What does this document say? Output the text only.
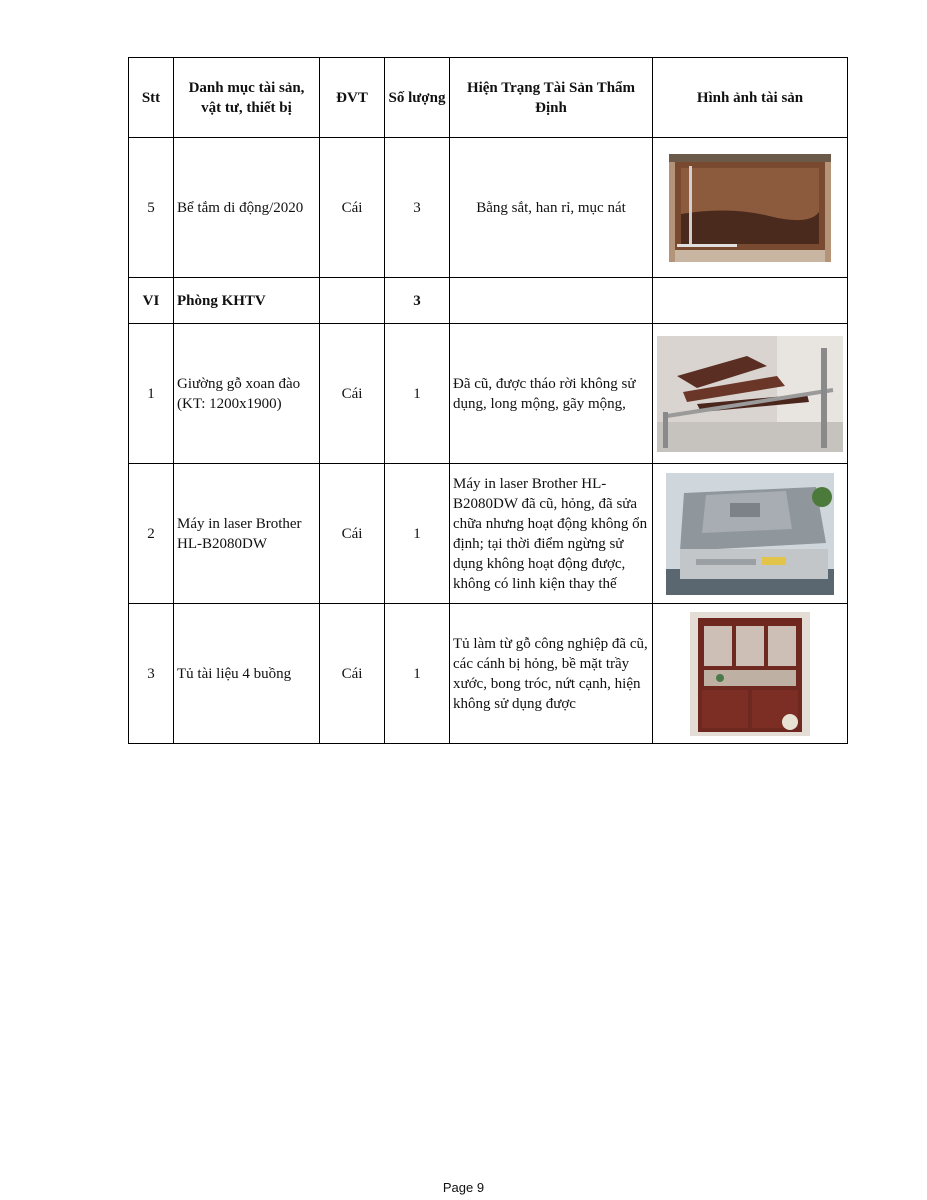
Stt	Danh mục tài sản, vật tư, thiết bị	ĐVT	Số lượng	Hiện Trạng Tài Sản Thẩm Định	Hình ảnh tài sản
5	Bể tắm di động/2020	Cái	3	Bằng sắt, han rỉ, mục nát	

VI	Phòng KHTV		3		
1	Giường gỗ xoan đào (KT: 1200x1900)	Cái	1	Đã cũ, được tháo rời không sử dụng, long mộng, gãy mộng,	

2	Máy in laser Brother HL-B2080DW	Cái	1	Máy in laser Brother HL-B2080DW đã cũ, hỏng, đã sửa chữa nhưng hoạt động không ổn định; tại thời điểm ngừng sử dụng không hoạt động được, không có linh kiện thay thế	

3	Tủ tài liệu 4 buồng	Cái	1	Tủ làm từ gỗ công nghiệp đã cũ, các cánh bị hỏng, bề mặt trầy xước, bong tróc, nứt cạnh, hiện không sử dụng được	
Page 9
